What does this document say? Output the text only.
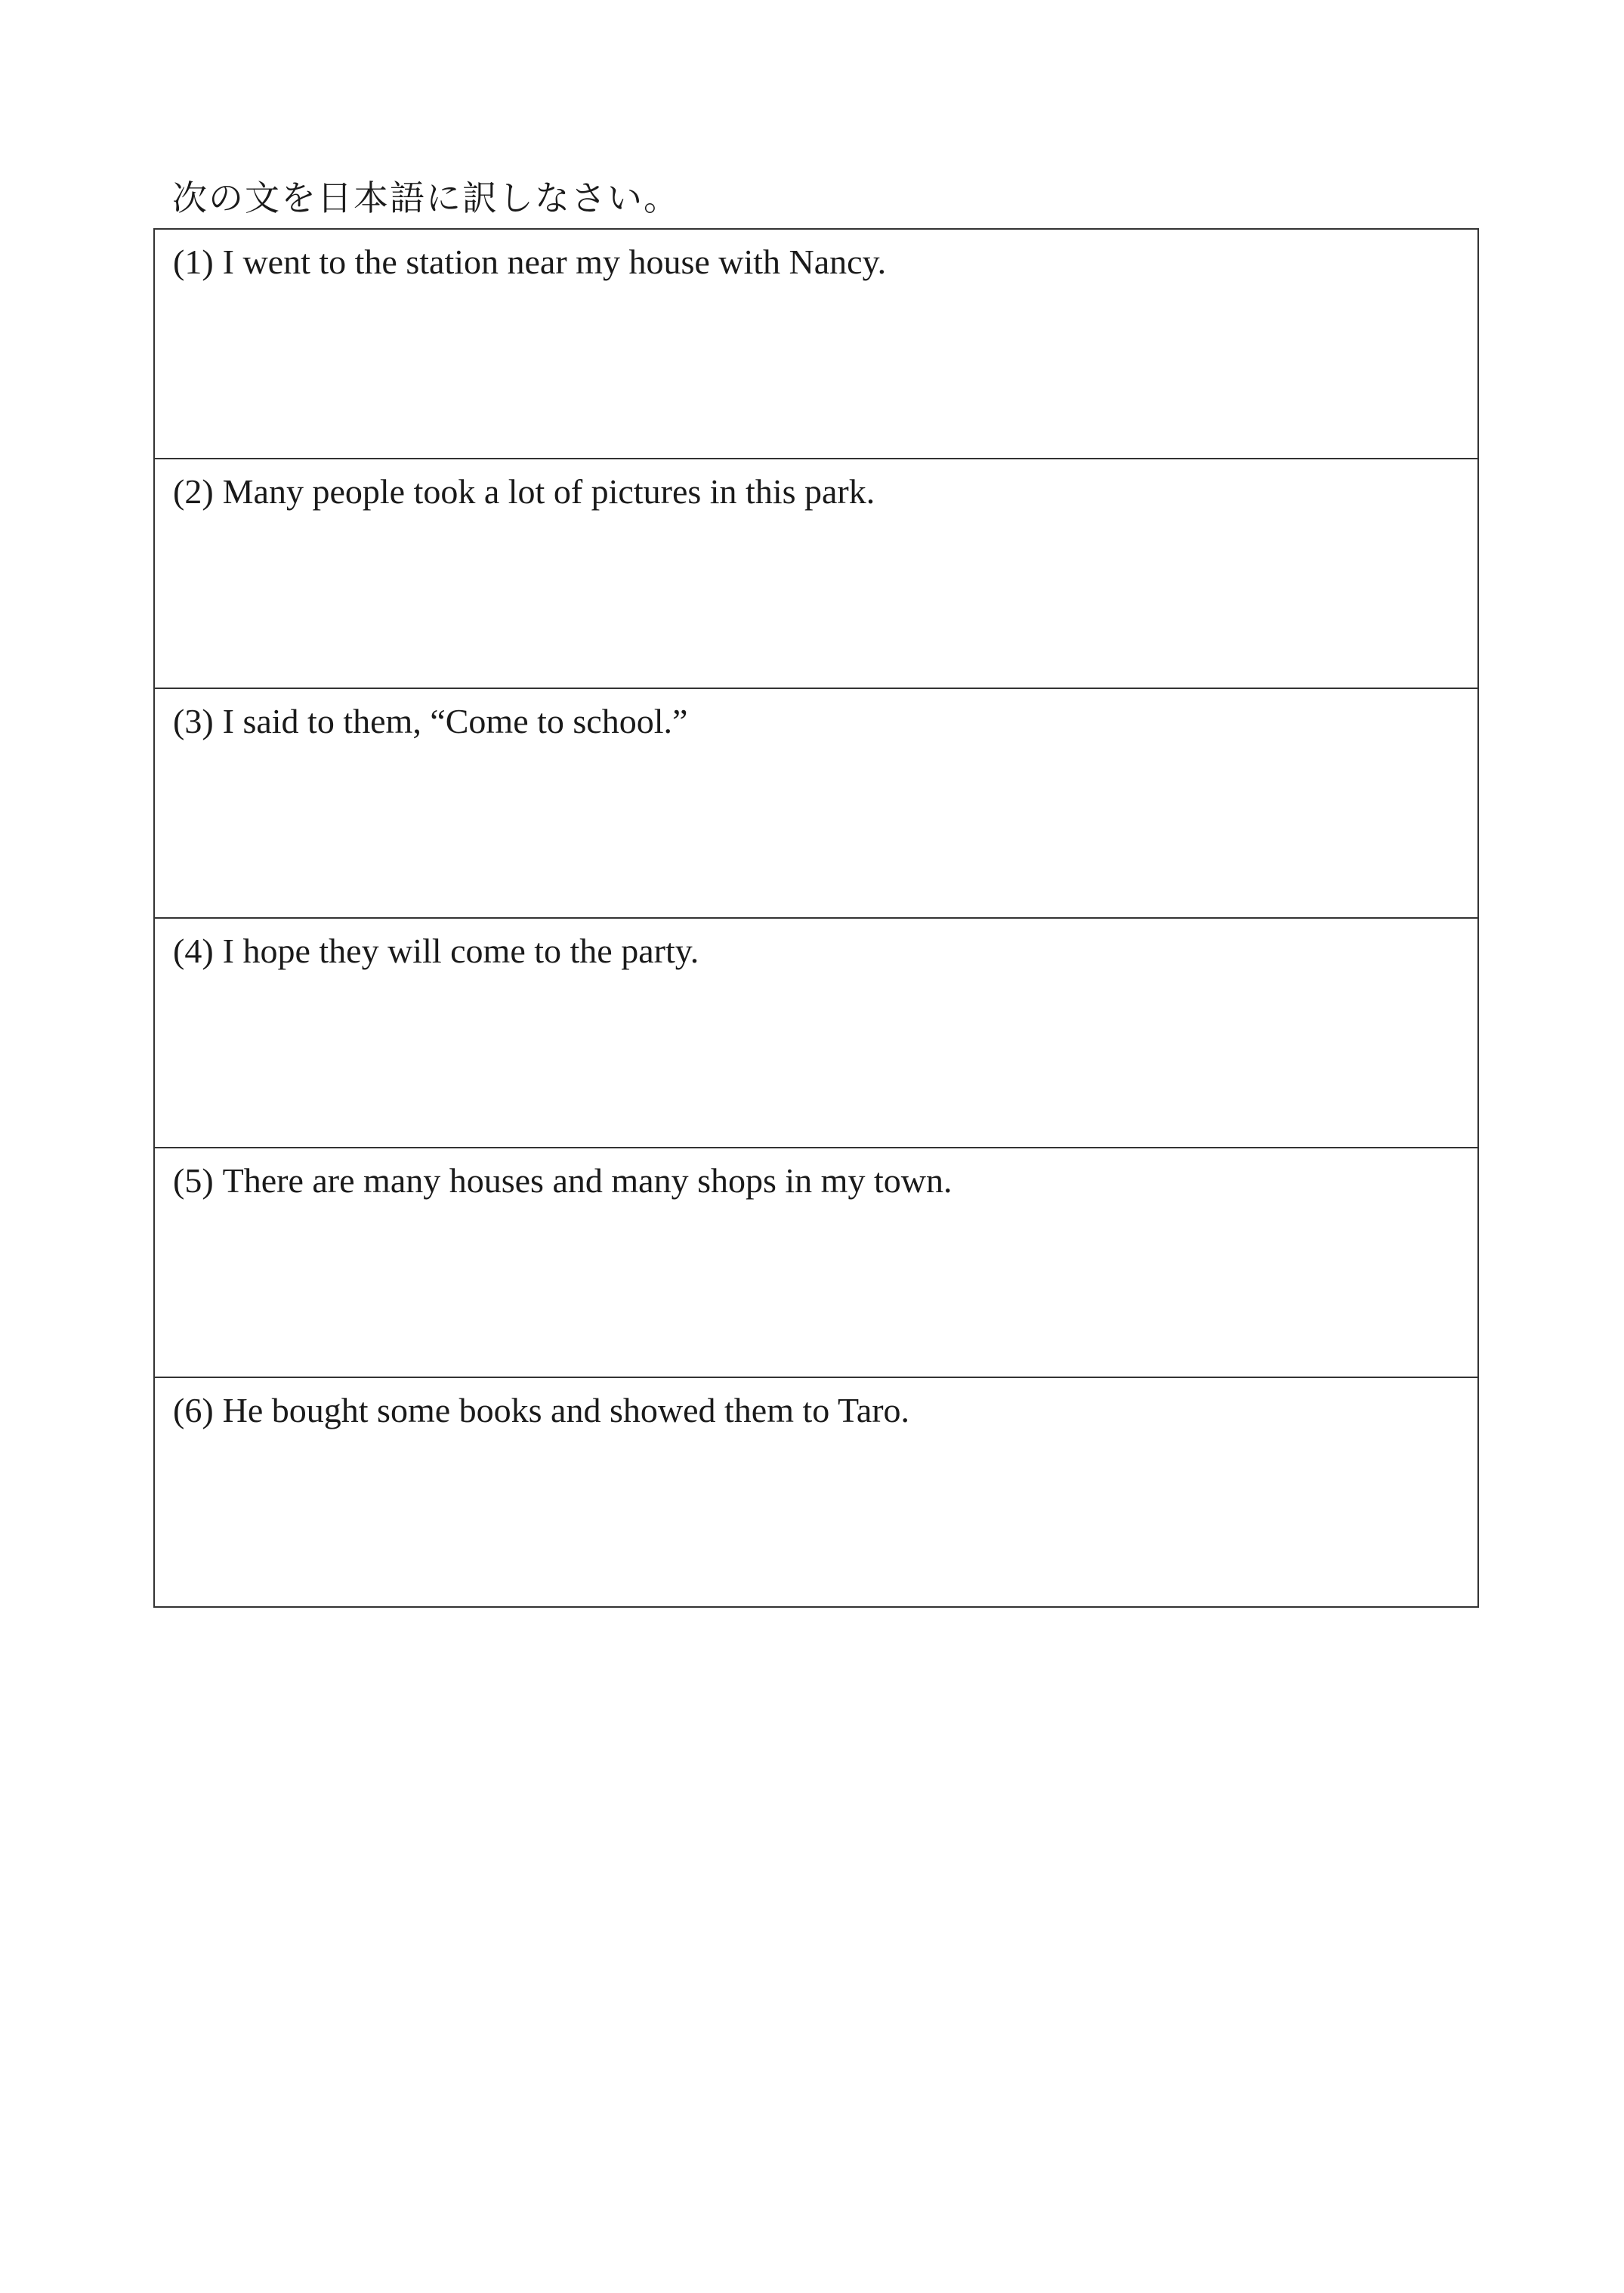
次の文を日本語に訳しなさい。
(1) I went to the station near my house with Nancy.
(2) Many people took a lot of pictures in this park.
(3) I said to them, “Come to school.”
(4) I hope they will come to the party.
(5) There are many houses and many shops in my town.
(6) He bought some books and showed them to Taro.
